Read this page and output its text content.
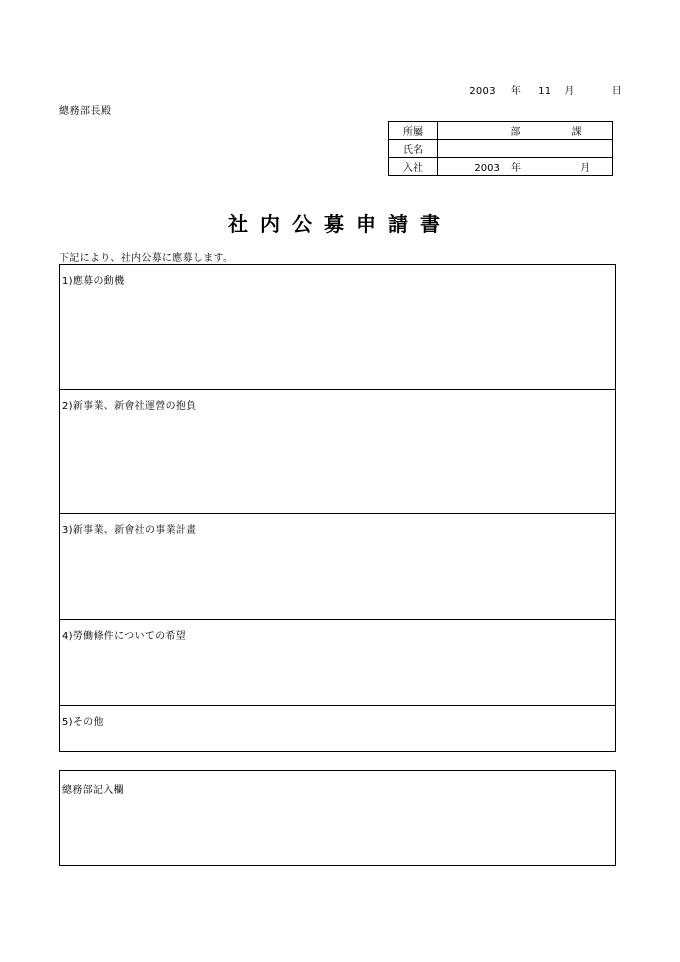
2003 年 11 月	日
總務部長殿
所屬	部 課
氏名	
入社	2003 年 月
社内公募申請書
下記により、社内公募に應募します。
1)應募の動機
2)新事業、新會社運營の抱負
3)新事業、新會社の事業計畫
4)勞働條件についての希望
5)その他
總務部記入欄
